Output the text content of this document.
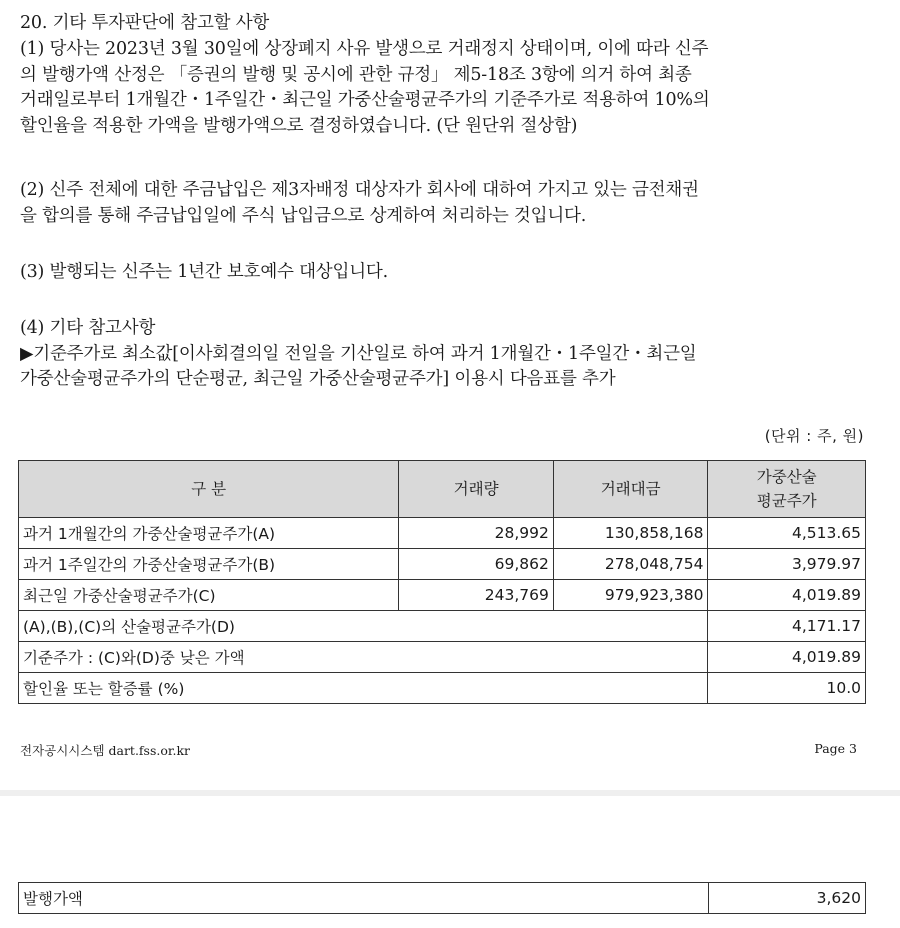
20. 기타 투자판단에 참고할 사항

(1) 당사는 2023년 3월 30일에 상장폐지 사유 발생으로 거래정지 상태이며, 이에 따라 신주

의 발행가액 산정은 「증권의 발행 및 공시에 관한 규정」 제5-18조 3항에 의거 하여 최종

거래일로부터 1개월간・1주일간・최근일 가중산술평균주가의 기준주가로 적용하여 10%의

할인율을 적용한 가액을 발행가액으로 결정하였습니다. (단 원단위 절상함)

(2) 신주 전체에 대한 주금납입은 제3자배정 대상자가 회사에 대하여 가지고 있는 금전채권

을 합의를 통해 주금납입일에 주식 납입금으로 상계하여 처리하는 것입니다.

(3) 발행되는 신주는 1년간 보호예수 대상입니다.

(4) 기타 참고사항

▶기준주가로 최소값[이사회결의일 전일을 기산일로 하여 과거 1개월간・1주일간・최근일

가중산술평균주가의 단순평균, 최근일 가중산술평균주가] 이용시 다음표를 추가

(단위 : 주, 원)
구 분	거래량	거래대금	가중산술
평균주가
과거 1개월간의 가중산술평균주가(A)	28,992	130,858,168	4,513.65
과거 1주일간의 가중산술평균주가(B)	69,862	278,048,754	3,979.97
최근일 가중산술평균주가(C)	243,769	979,923,380	4,019.89
(A),(B),(C)의 산술평균주가(D)			4,171.17
기준주가 : (C)와(D)중 낮은 가액			4,019.89
할인율 또는 할증률 (%)			10.0
전자공시시스템 dart.fss.or.kr	Page 3
발행가액	3,620
